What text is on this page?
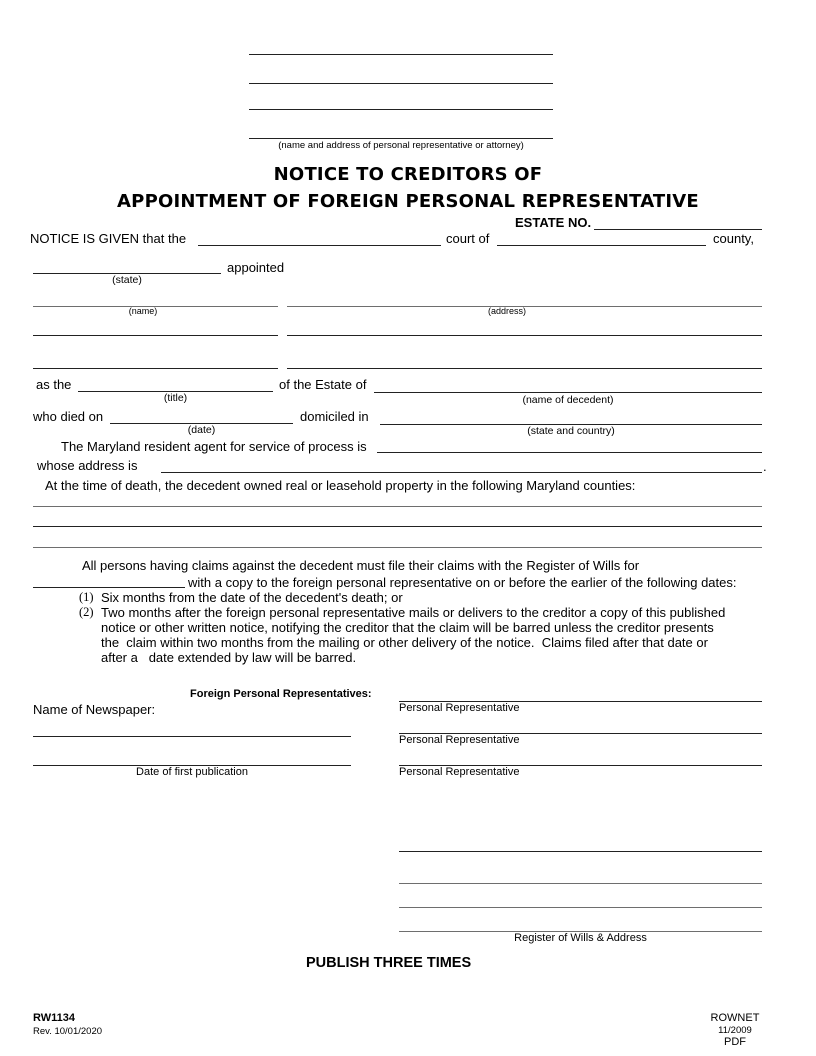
(name and address of personal representative or attorney)
NOTICE TO CREDITORS OF
APPOINTMENT OF FOREIGN PERSONAL REPRESENTATIVE
ESTATE NO.
NOTICE IS GIVEN that the	court of	county,
appointed
(state)
(name)	(address)
as the	of the Estate of
(title)	(name of decedent)
who died on	domiciled in
(date)	(state and country)
The Maryland resident agent for service of process is
whose address is	.
At the time of death, the decedent owned real or leasehold property in the following Maryland counties:
All persons having claims against the decedent must file their claims with the Register of Wills for
with a copy to the foreign personal representative on or before the earlier of the following dates:
(1) Six months from the date of the decedent's death; or
(2) Two months after the foreign personal representative mails or delivers to the creditor a copy of this published
notice or other written notice, notifying the creditor that the claim will be barred unless the creditor presents
the  claim within two months from the mailing or other delivery of the notice.  Claims filed after that date or
after a   date extended by law will be barred.
Foreign Personal Representatives:
Personal Representative
Name of Newspaper:
Personal Representative
Date of first publication	Personal Representative
Register of Wills & Address
PUBLISH THREE TIMES
RW1134
Rev. 10/01/2020
ROWNET
11/2009
PDF
